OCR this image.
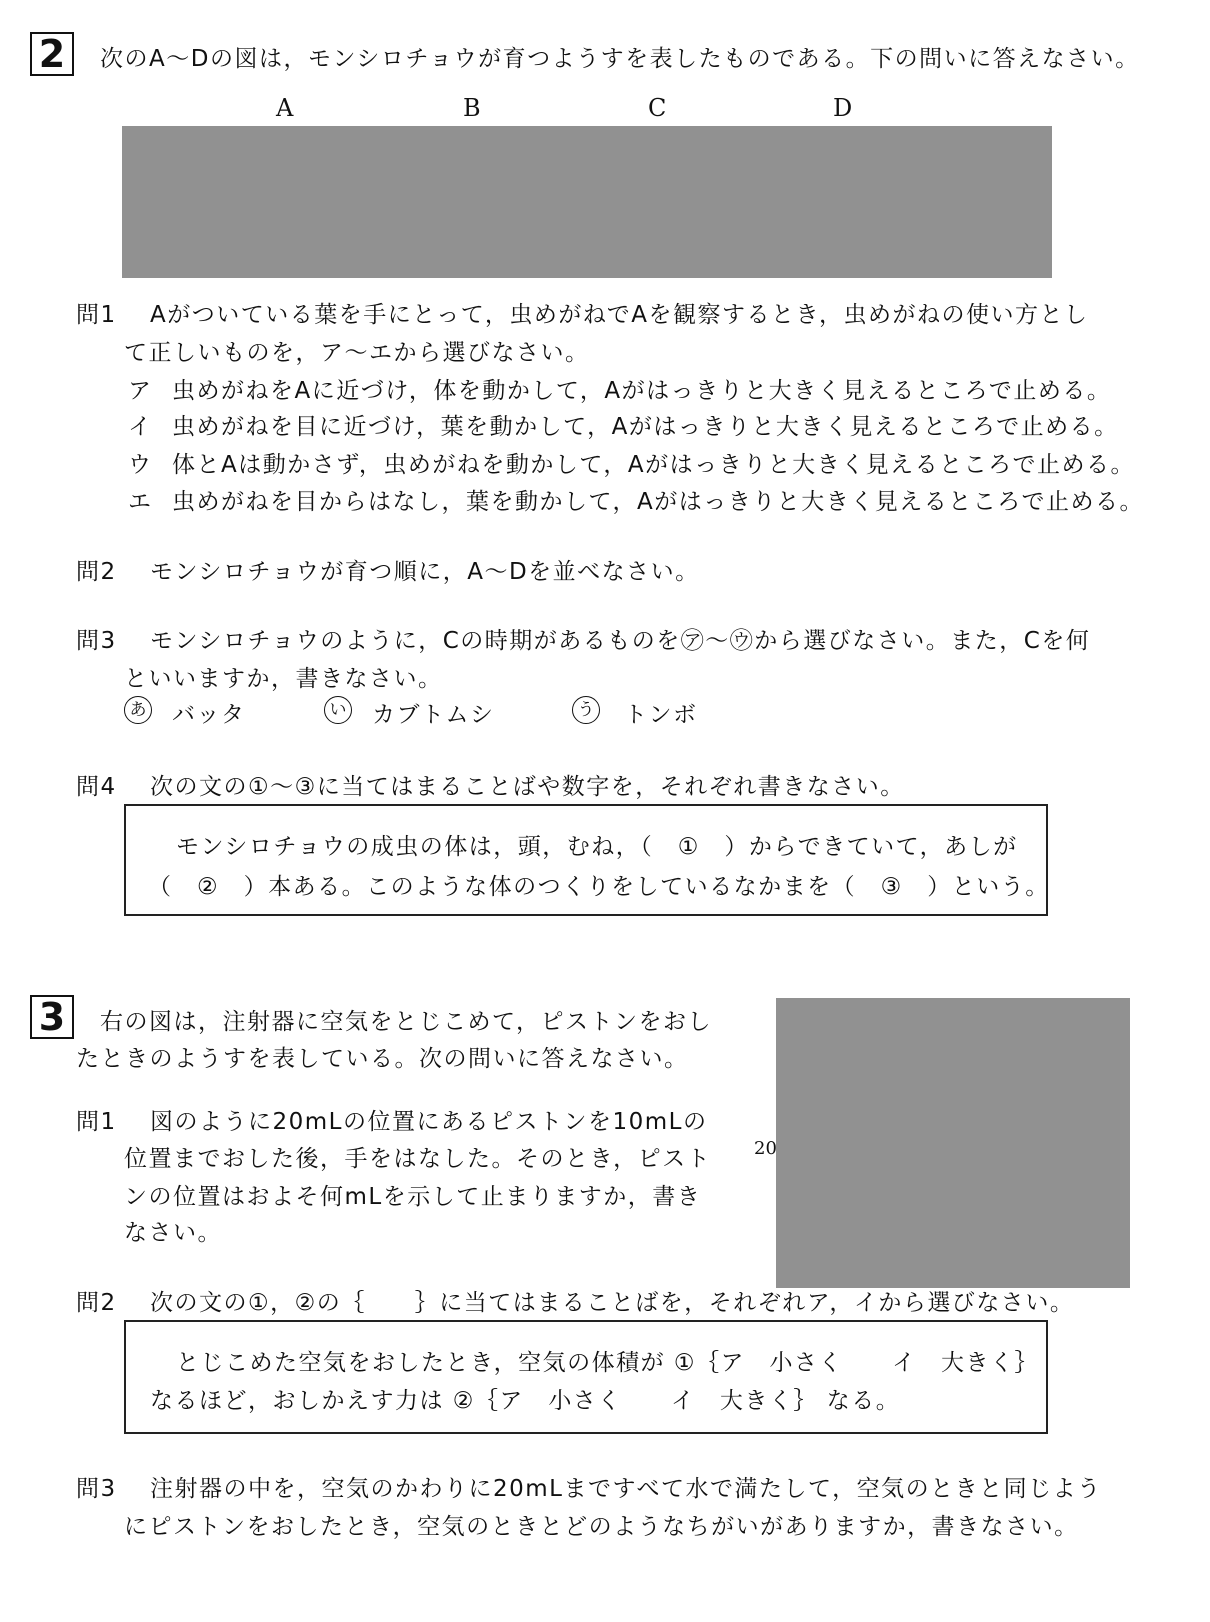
2	次のA～Dの図は，モンシロチョウが育つようすを表したものである。下の問いに答えなさい。
A	B	C	D
問1 Aがついている葉を手にとって，虫めがねでAを観察するとき，虫めがねの使い方とし
て正しいものを，ア～エから選びなさい。
ア 虫めがねをAに近づけ，体を動かして，Aがはっきりと大きく見えるところで止める。
イ 虫めがねを目に近づけ，葉を動かして，Aがはっきりと大きく見えるところで止める。
ウ 体とAは動かさず，虫めがねを動かして，Aがはっきりと大きく見えるところで止める。
エ 虫めがねを目からはなし，葉を動かして，Aがはっきりと大きく見えるところで止める。
問2 モンシロチョウが育つ順に，A～Dを並べなさい。
問3 モンシロチョウのように，Cの時期があるものを㋐～㋒から選びなさい。また，Cを何
といいますか，書きなさい。
あ バッタ	い カブトムシ	う トンボ
問4 次の文の①～③に当てはまることばや数字を，それぞれ書きなさい。
モンシロチョウの成虫の体は，頭，むね，（　①　）からできていて，あしが
（　②　）本ある。このような体のつくりをしているなかまを（　③　）という。
3	右の図は，注射器に空気をとじこめて，ピストンをおし
たときのようすを表している。次の問いに答えなさい。
20
問1 図のように20mLの位置にあるピストンを10mLの
位置までおした後，手をはなした。そのとき，ピスト
ンの位置はおよそ何mLを示して止まりますか，書き
なさい。
問2 次の文の①，②の｛　　｝に当てはまることばを，それぞれア，イから選びなさい。
とじこめた空気をおしたとき，空気の体積が ①｛ア　小さく　　イ　大きく｝
なるほど，おしかえす力は ②｛ア　小さく　　イ　大きく｝ なる。
問3 注射器の中を，空気のかわりに20mLまですべて水で満たして，空気のときと同じよう
にピストンをおしたとき，空気のときとどのようなちがいがありますか，書きなさい。
